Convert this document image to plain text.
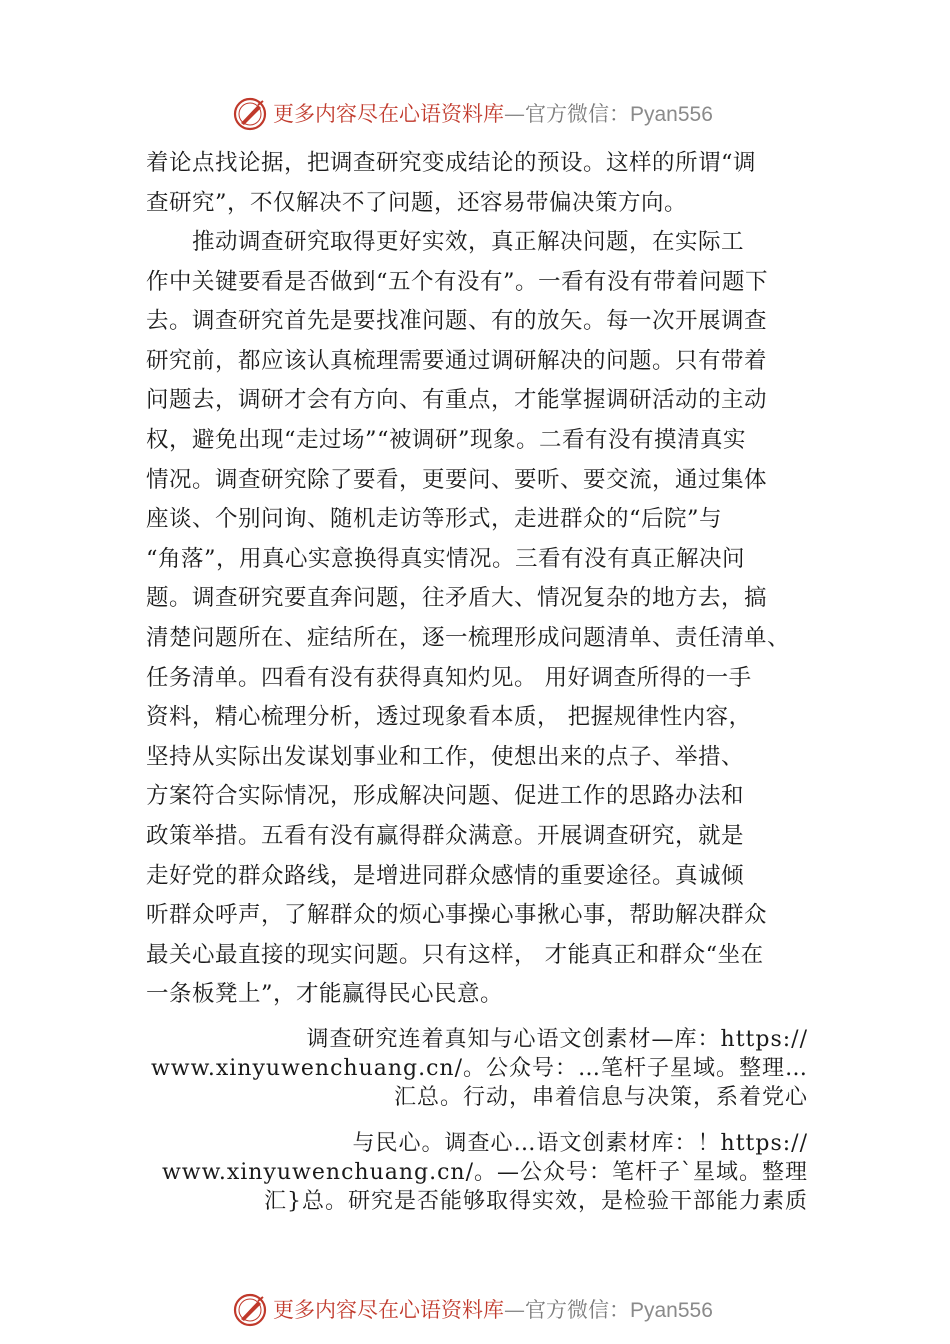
更多内容尽在心语资料库—官方微信：Pyan556
着论点找论据，把调查研究变成结论的预设。这样的所谓“调
查研究”，不仅解决不了问题，还容易带偏决策方向。
　　推动调查研究取得更好实效，真正解决问题，在实际工
作中关键要看是否做到“五个有没有”。一看有没有带着问题下
去。调查研究首先是要找准问题、有的放矢。每一次开展调查
研究前，都应该认真梳理需要通过调研解决的问题。只有带着
问题去，调研才会有方向、有重点，才能掌握调研活动的主动
权，避免出现“走过场”“被调研”现象。二看有没有摸清真实
情况。调查研究除了要看，更要问、要听、要交流，通过集体
座谈、个别问询、随机走访等形式，走进群众的“后院”与
“角落”，用真心实意换得真实情况。三看有没有真正解决问
题。调查研究要直奔问题，往矛盾大、情况复杂的地方去，搞
清楚问题所在、症结所在，逐一梳理形成问题清单、责任清单、
任务清单。四看有没有获得真知灼见。 用好调查所得的一手
资料，精心梳理分析，透过现象看本质， 把握规律性内容，
坚持从实际出发谋划事业和工作，使想出来的点子、举措、
方案符合实际情况，形成解决问题、促进工作的思路办法和
政策举措。五看有没有赢得群众满意。开展调查研究，就是
走好党的群众路线，是增进同群众感情的重要途径。真诚倾
听群众呼声，了解群众的烦心事操心事揪心事，帮助解决群众
最关心最直接的现实问题。只有这样， 才能真正和群众“坐在
一条板凳上”，才能赢得民心民意。
调查研究连着真知与心语文创素材—库：https://
www.xinyuwenchuang.cn/。公众号：…笔杆子星域。整理…
汇总。行动，串着信息与决策，系着党心
与民心。调查心…语文创素材库：！https://
www.xinyuwenchuang.cn/。—公众号：笔杆子`星域。整理
汇}总。研究是否能够取得实效，是检验干部能力素质
更多内容尽在心语资料库—官方微信：Pyan556
